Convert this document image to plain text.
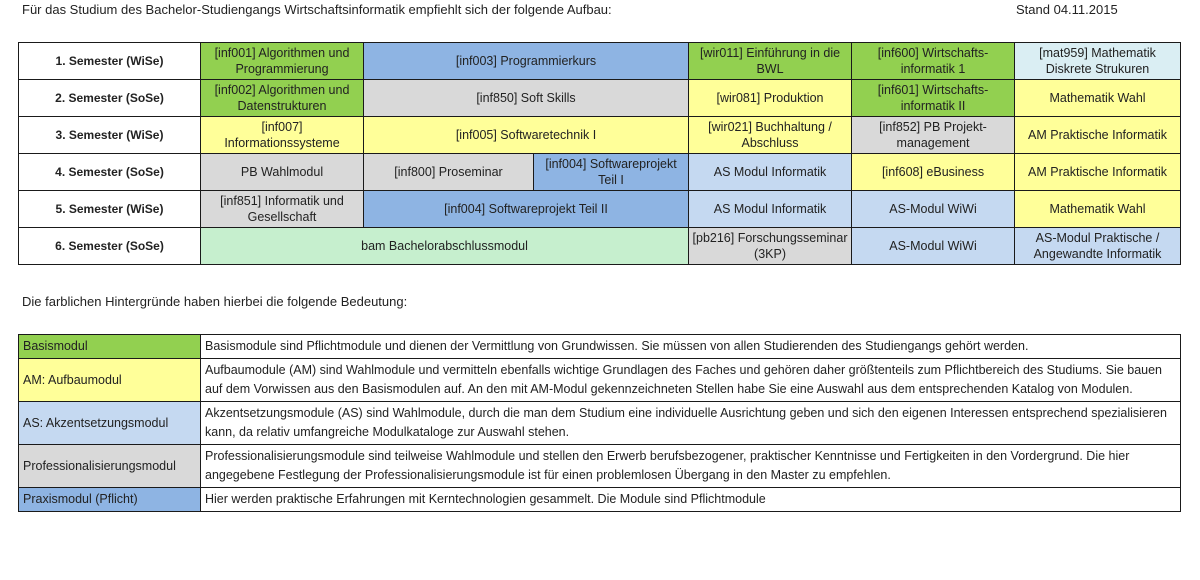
Für das Studium des Bachelor-Studiengangs Wirtschaftsinformatik empfiehlt sich der folgende Aufbau:	Stand 04.11.2015
1. Semester (WiSe)	[inf001] Algorithmen und Programmierung	[inf003] Programmierkurs		[wir011] Einführung in die BWL	[inf600] Wirtschafts-informatik 1	[mat959] Mathematik Diskrete Strukuren
2. Semester (SoSe)	[inf002] Algorithmen und Datenstrukturen	[inf850] Soft Skills		[wir081] Produktion	[inf601] Wirtschafts-informatik II	Mathematik Wahl
3. Semester (WiSe)	[inf007] Informationssysteme	[inf005] Softwaretechnik I		[wir021] Buchhaltung / Abschluss	[inf852] PB Projekt-management	AM Praktische Informatik
4. Semester (SoSe)	PB Wahlmodul	[inf800] Proseminar	[inf004] Softwareprojekt Teil I	AS Modul Informatik	[inf608] eBusiness	AM Praktische Informatik
5. Semester (WiSe)	[inf851] Informatik und Gesellschaft	[inf004] Softwareprojekt Teil II		AS Modul Informatik	AS-Modul WiWi	Mathematik Wahl
6. Semester (SoSe)	bam Bachelorabschlussmodul			[pb216] Forschungsseminar (3KP)	AS-Modul WiWi	AS-Modul Praktische / Angewandte Informatik
Die farblichen Hintergründe haben hierbei die folgende Bedeutung:
Basismodul	Basismodule sind Pflichtmodule und dienen der Vermittlung von Grundwissen. Sie müssen von allen Studierenden des Studiengangs gehört werden.
AM: Aufbaumodul	Aufbaumodule (AM) sind Wahlmodule und vermitteln ebenfalls wichtige Grundlagen des Faches und gehören daher größtenteils zum Pflichtbereich des Studiums. Sie bauen auf dem Vorwissen aus den Basismodulen auf. An den mit AM-Modul gekennzeichneten Stellen habe Sie eine Auswahl aus dem entsprechenden Katalog von Modulen.
AS: Akzentsetzungsmodul	Akzentsetzungsmodule (AS) sind Wahlmodule, durch die man dem Studium eine individuelle Ausrichtung geben und sich den eigenen Interessen entsprechend spezialisieren kann, da relativ umfangreiche Modulkataloge zur Auswahl stehen.
Professionalisierungsmodul	Professionalisierungsmodule sind teilweise Wahlmodule und stellen den Erwerb berufsbezogener, praktischer Kenntnisse und Fertigkeiten in den Vordergrund. Die hier angegebene Festlegung der Professionalisierungsmodule ist für einen problemlosen Übergang in den Master zu empfehlen.
Praxismodul (Pflicht)	Hier werden praktische Erfahrungen mit Kerntechnologien gesammelt. Die Module sind Pflichtmodule
